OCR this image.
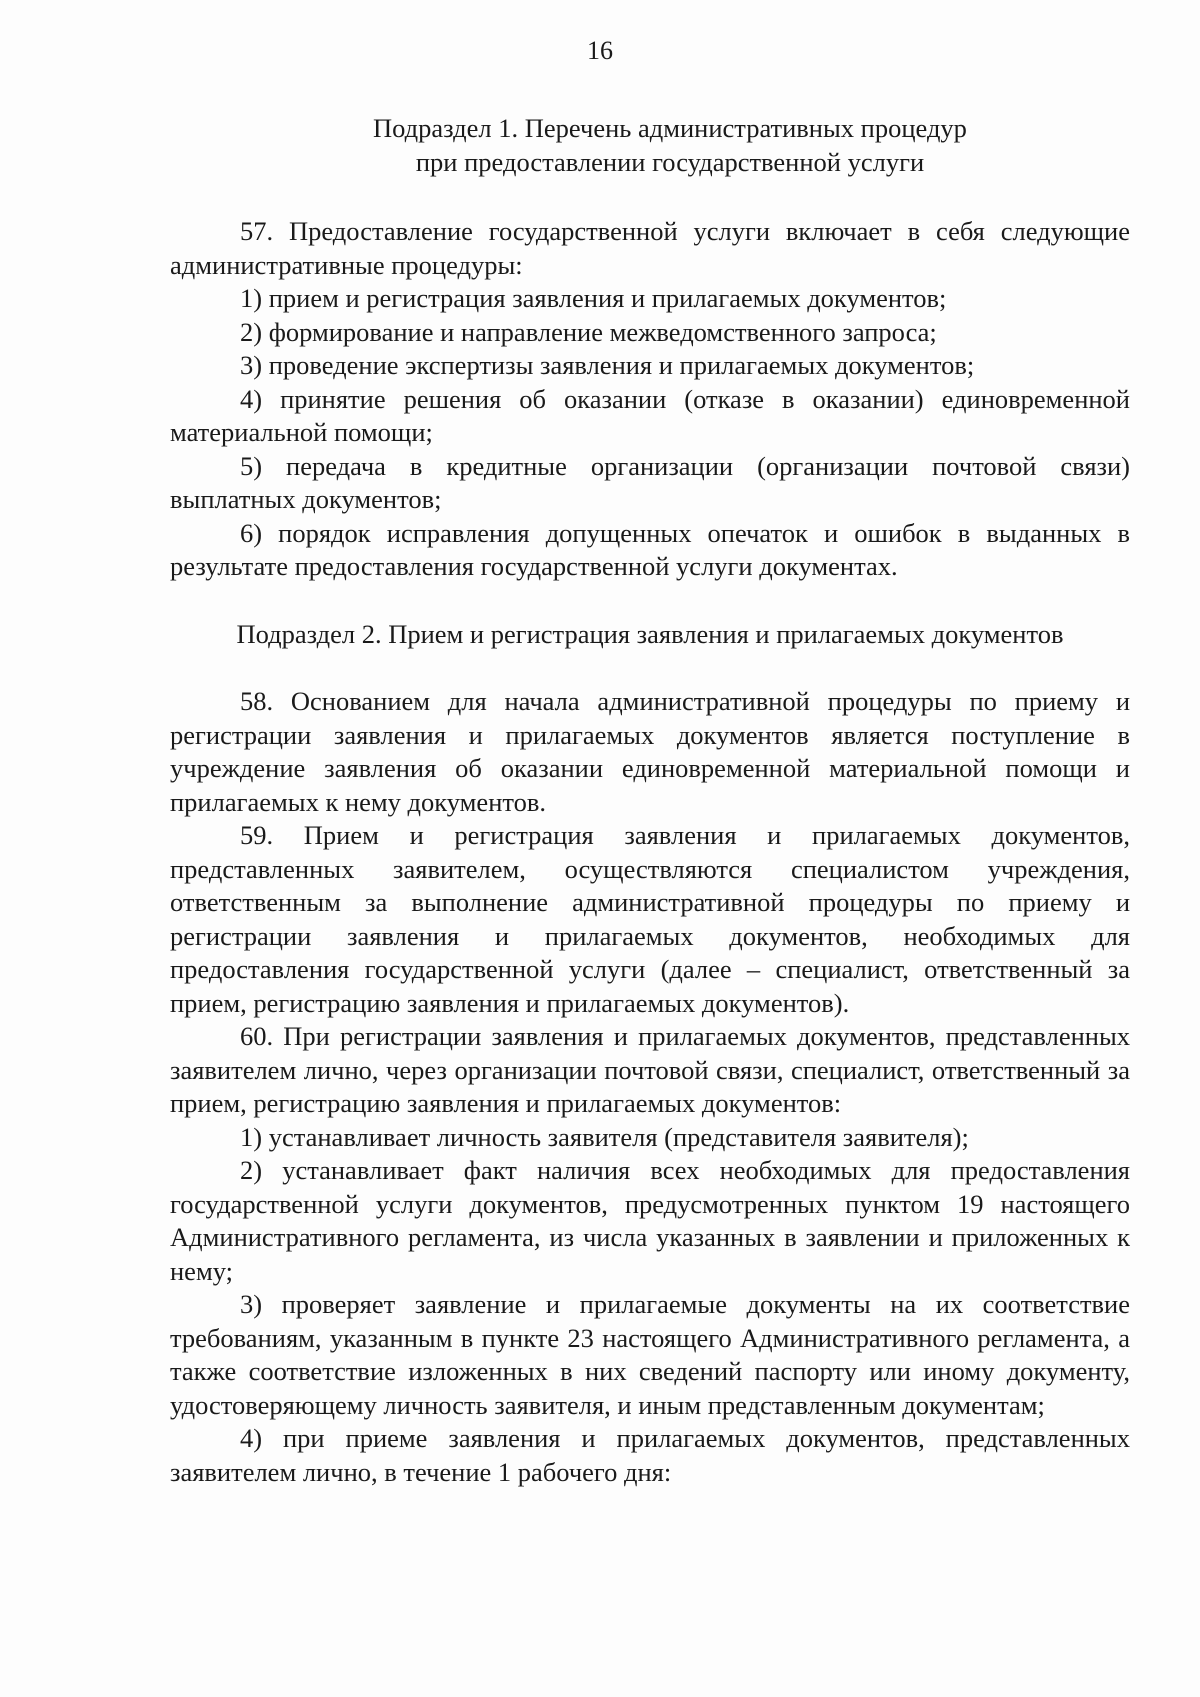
16
Подраздел 1. Перечень административных процедур
при предоставлении государственной услуги

57. Предоставление государственной услуги включает в себя следующие административные процедуры:

1) прием и регистрация заявления и прилагаемых документов;

2) формирование и направление межведомственного запроса;

3) проведение экспертизы заявления и прилагаемых документов;

4) принятие решения об оказании (отказе в оказании) единовременной материальной помощи;

5) передача в кредитные организации (организации почтовой связи) выплатных документов;

6) порядок исправления допущенных опечаток и ошибок в выданных в результате предоставления государственной услуги документах.

Подраздел 2. Прием и регистрация заявления и прилагаемых документов

58. Основанием для начала административной процедуры по приему и регистрации заявления и прилагаемых документов является поступление в учреждение заявления об оказании единовременной материальной помощи и прилагаемых к нему документов.

59. Прием и регистрация заявления и прилагаемых документов, представленных заявителем, осуществляются специалистом учреждения, ответственным за выполнение административной процедуры по приему и регистрации заявления и прилагаемых документов, необходимых для предоставления государственной услуги (далее – специалист, ответственный за прием, регистрацию заявления и прилагаемых документов).

60. При регистрации заявления и прилагаемых документов, представленных заявителем лично, через организации почтовой связи, специалист, ответственный за прием, регистрацию заявления и прилагаемых документов:

1) устанавливает личность заявителя (представителя заявителя);

2) устанавливает факт наличия всех необходимых для предоставления государственной услуги документов, предусмотренных пунктом 19 настоящего Административного регламента, из числа указанных в заявлении и приложенных к нему;

3) проверяет заявление и прилагаемые документы на их соответствие требованиям, указанным в пункте 23 настоящего Административного регламента, а также соответствие изложенных в них сведений паспорту или иному документу, удостоверяющему личность заявителя, и иным представленным документам;

4) при приеме заявления и прилагаемых документов, представленных заявителем лично, в течение 1 рабочего дня:
